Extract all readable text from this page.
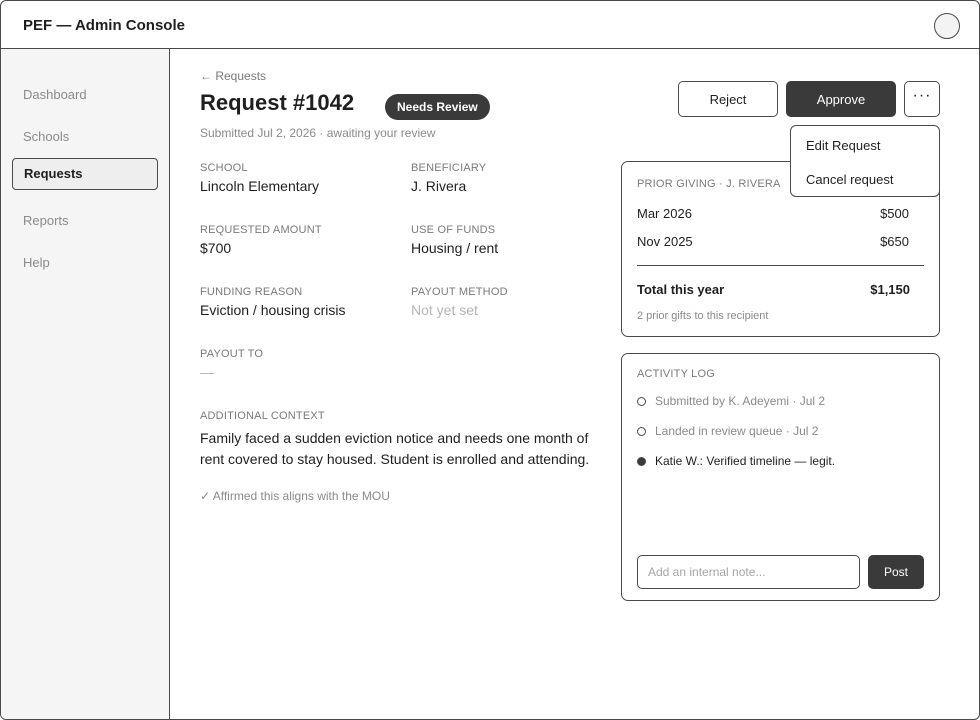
PEF — Admin Console
Dashboard
Schools
Requests
Reports
Help
← Requests
Request #1042	Needs Review
Submitted Jul 2, 2026 · awaiting your review
Reject	Approve	···
SCHOOL
Lincoln Elementary
BENEFICIARY
J. Rivera
REQUESTED AMOUNT
$700
USE OF FUNDS
Housing / rent
FUNDING REASON
Eviction / housing crisis
PAYOUT METHOD
Not yet set
PAYOUT TO
—
ADDITIONAL CONTEXT
Family faced a sudden eviction notice and needs one month of rent covered to stay housed. Student is enrolled and attending.
✓ Affirmed this aligns with the MOU
PRIOR GIVING · J. RIVERA
Mar 2026	$500
Nov 2025	$650
Total this year	$1,150
2 prior gifts to this recipient
ACTIVITY LOG
Submitted by K. Adeyemi · Jul 2
Landed in review queue · Jul 2
Katie W.: Verified timeline — legit.
Add an internal note...
Post
Edit Request
Cancel request
